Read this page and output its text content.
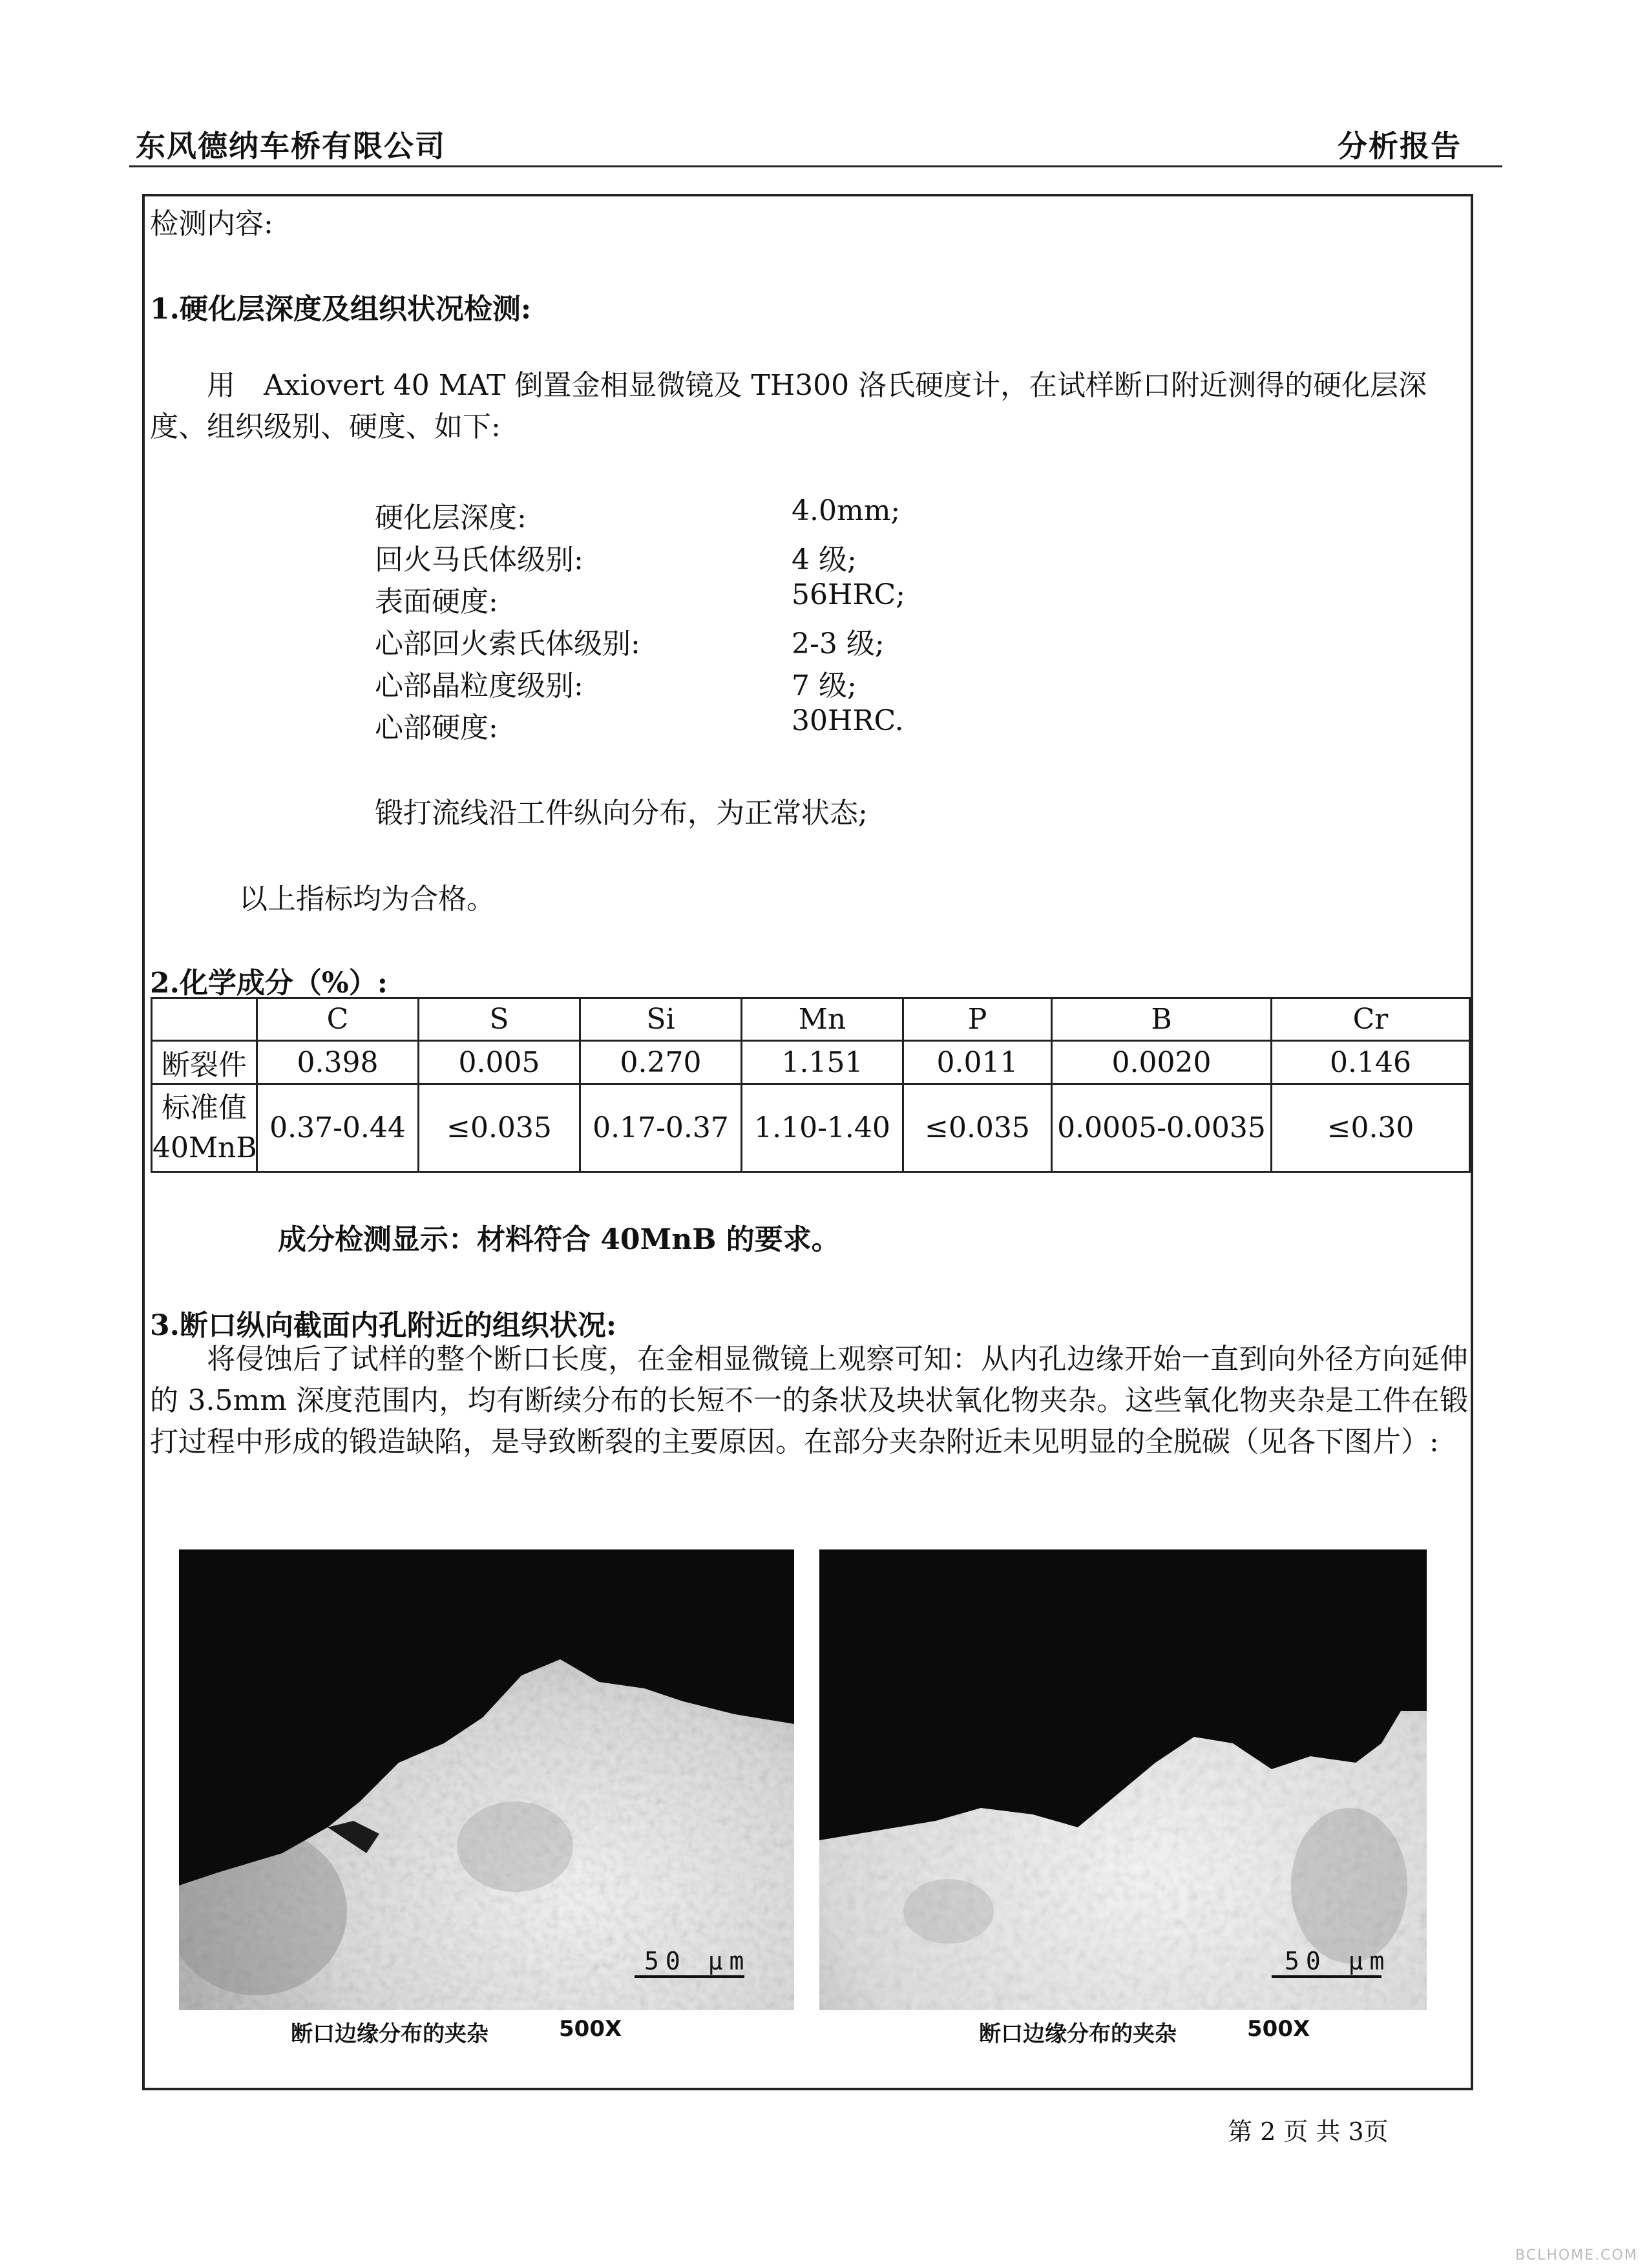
东风德纳车桥有限公司	分析报告
检测内容:
1.硬化层深度及组织状况检测:
用　Axiovert 40 MAT 倒置金相显微镜及 TH300 洛氏硬度计，在试样断口附近测得的硬化层深度、组织级别、硬度、如下:
硬化层深度:	4.0mm;
回火马氏体级别:	4 级;
表面硬度:	56HRC;
心部回火索氏体级别:	2-3 级;
心部晶粒度级别:	7 级;
心部硬度:	30HRC.
锻打流线沿工件纵向分布，为正常状态;
以上指标均为合格。
2.化学成分（%）:
	C	S	Si	Mn	P	B	Cr
断裂件	0.398	0.005	0.270	1.151	0.011	0.0020	0.146

标准值
40MnB	0.37-0.44	≤0.035	0.17-0.37	1.10-1.40	≤0.035	0.0005-0.0035	≤0.30
成分检测显示：材料符合 40MnB 的要求。
3.断口纵向截面内孔附近的组织状况:
将侵蚀后了试样的整个断口长度，在金相显微镜上观察可知：从内孔边缘开始一直到向外径方向延伸的 3.5mm 深度范围内，均有断续分布的长短不一的条状及块状氧化物夹杂。这些氧化物夹杂是工件在锻打过程中形成的锻造缺陷，是导致断裂的主要原因。在部分夹杂附近未见明显的全脱碳（见各下图片）:
50 μm	50 μm
断口边缘分布的夹杂	500X	断口边缘分布的夹杂	500X
第 2 页 共 3页
BCLHOME.COM
